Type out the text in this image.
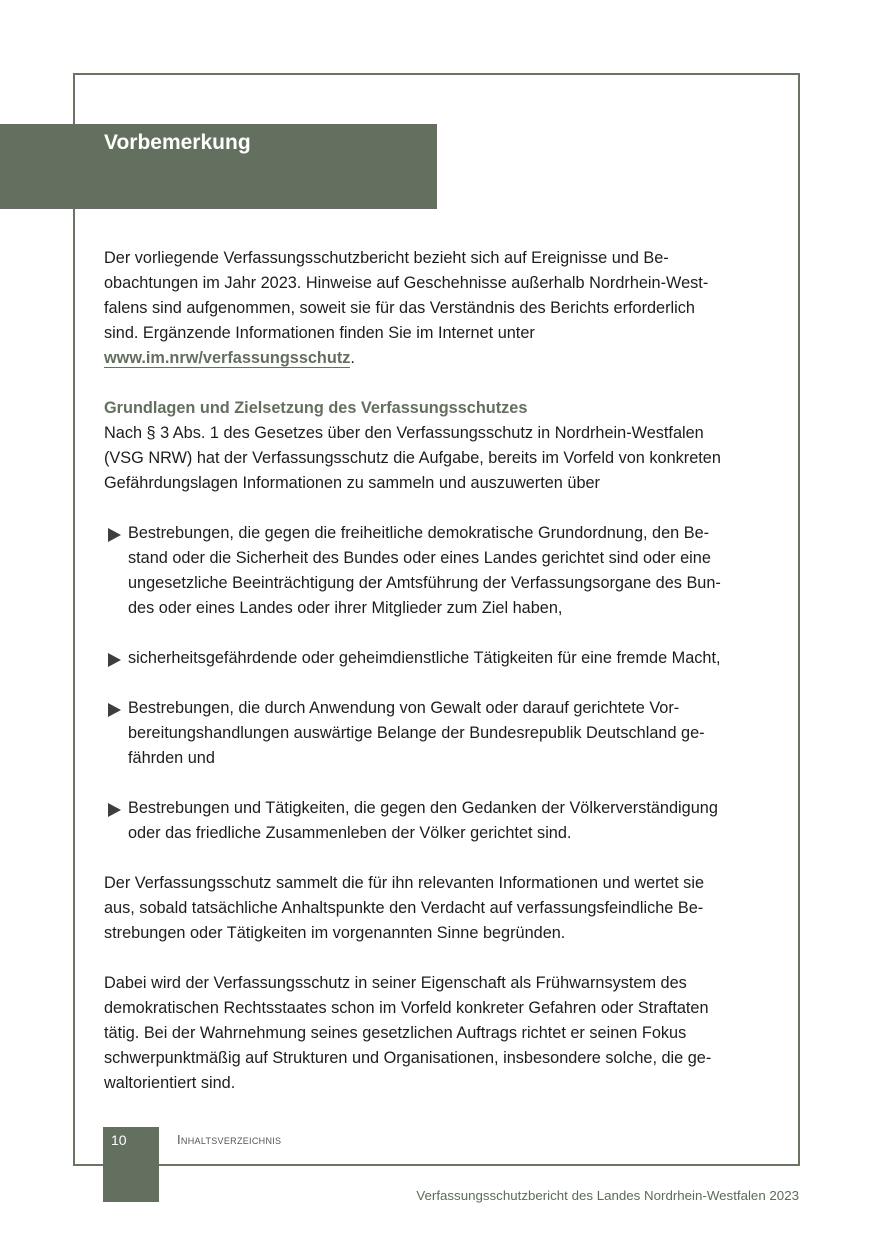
Vorbemerkung
Der vorliegende Verfassungsschutzbericht bezieht sich auf Ereignisse und Be-
obachtungen im Jahr 2023. Hinweise auf Geschehnisse außerhalb Nordrhein-West-
falens sind aufgenommen, soweit sie für das Verständnis des Berichts erforderlich
sind. Ergänzende Informationen finden Sie im Internet unter
www.im.nrw/verfassungsschutz.
Grundlagen und Zielsetzung des Verfassungsschutzes
Nach § 3 Abs. 1 des Gesetzes über den Verfassungsschutz in Nordrhein-Westfalen
(VSG NRW) hat der Verfassungsschutz die Aufgabe, bereits im Vorfeld von konkreten
Gefährdungslagen Informationen zu sammeln und auszuwerten über
Bestrebungen, die gegen die freiheitliche demokratische Grundordnung, den Be-
stand oder die Sicherheit des Bundes oder eines Landes gerichtet sind oder eine
ungesetzliche Beeinträchtigung der Amtsführung der Verfassungsorgane des Bun-
des oder eines Landes oder ihrer Mitglieder zum Ziel haben,
sicherheitsgefährdende oder geheimdienstliche Tätigkeiten für eine fremde Macht,
Bestrebungen, die durch Anwendung von Gewalt oder darauf gerichtete Vor-
bereitungshandlungen auswärtige Belange der Bundesrepublik Deutschland ge-
fährden und
Bestrebungen und Tätigkeiten, die gegen den Gedanken der Völkerverständigung
oder das friedliche Zusammenleben der Völker gerichtet sind.
Der Verfassungsschutz sammelt die für ihn relevanten Informationen und wertet sie
aus, sobald tatsächliche Anhaltspunkte den Verdacht auf verfassungsfeindliche Be-
strebungen oder Tätigkeiten im vorgenannten Sinne begründen.
Dabei wird der Verfassungsschutz in seiner Eigenschaft als Frühwarnsystem des
demokratischen Rechtsstaates schon im Vorfeld konkreter Gefahren oder Straftaten
tätig. Bei der Wahrnehmung seines gesetzlichen Auftrags richtet er seinen Fokus
schwerpunktmäßig auf Strukturen und Organisationen, insbesondere solche, die ge-
waltorientiert sind.
10	Inhaltsverzeichnis
Verfassungsschutzbericht des Landes Nordrhein-Westfalen 2023
